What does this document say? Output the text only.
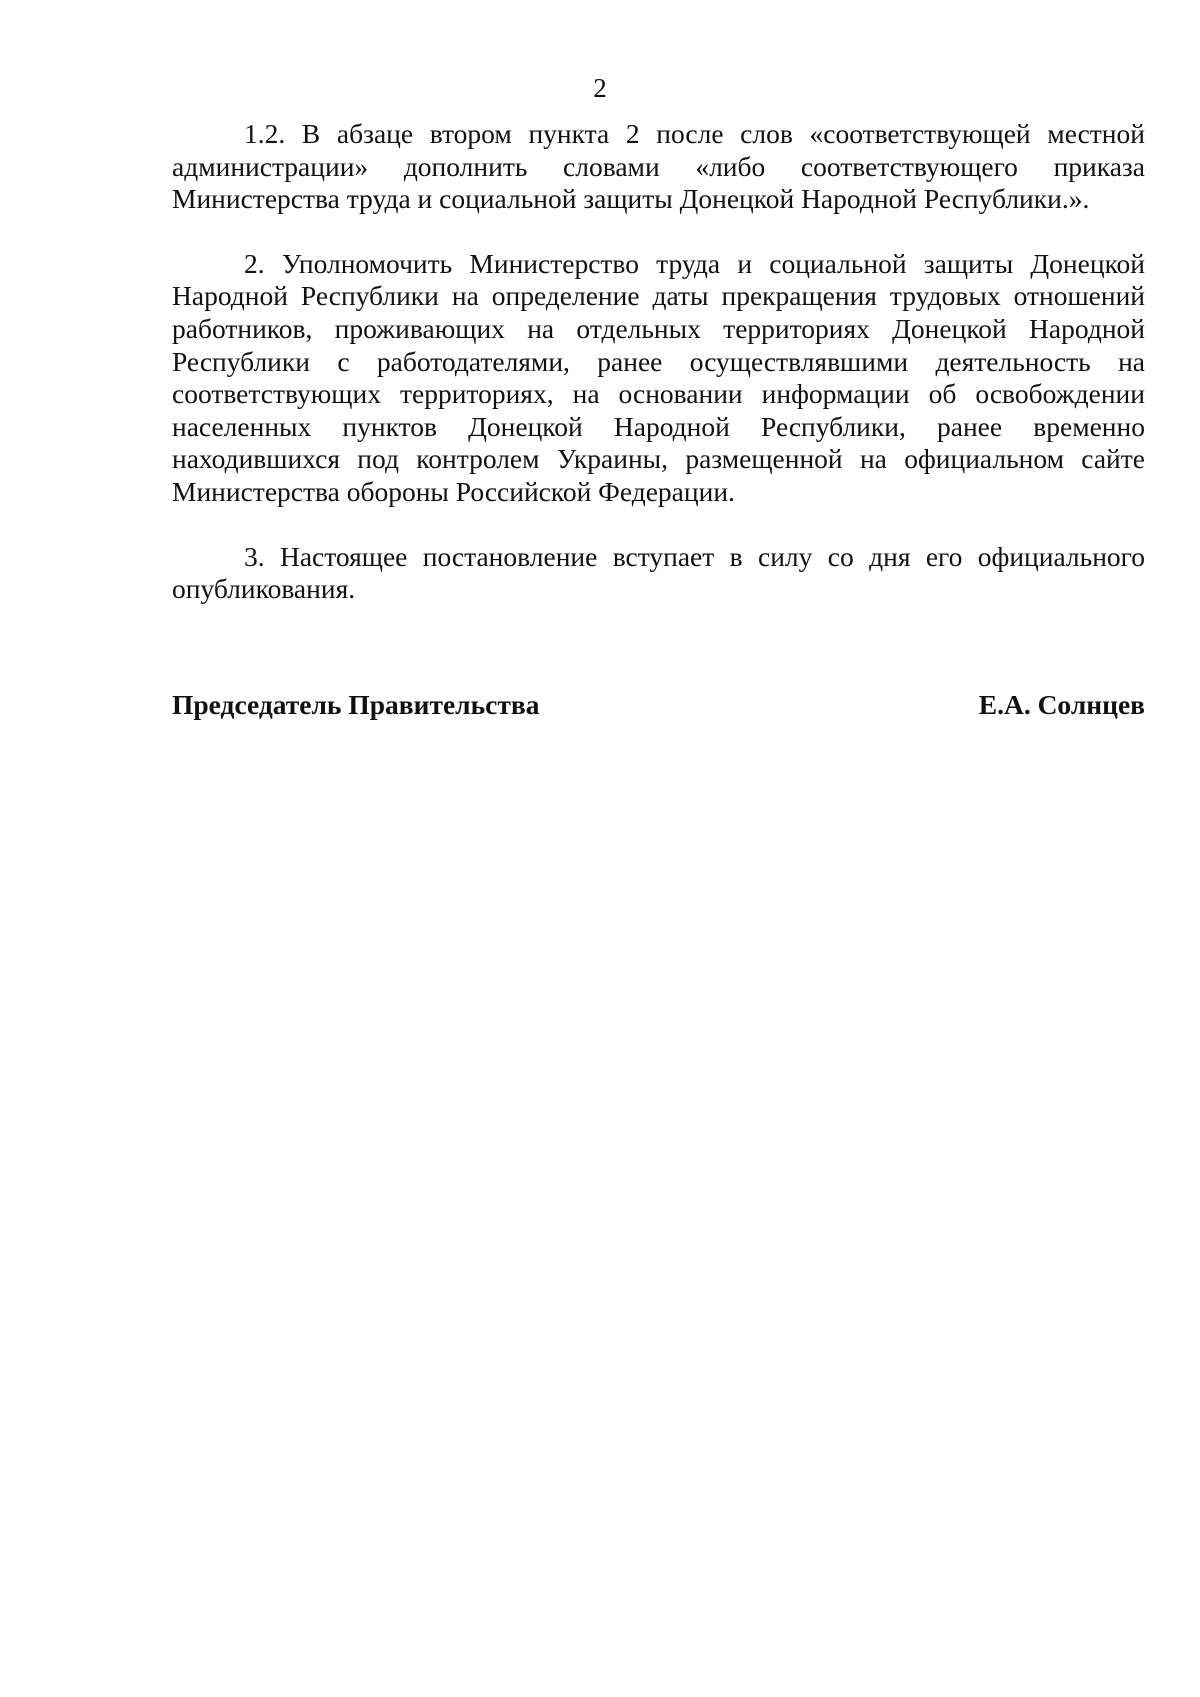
2

1.2. В абзаце втором пункта 2 после слов «соответствующей местной администрации» дополнить словами «либо соответствующего приказа Министерства труда и социальной защиты Донецкой Народной Республики.».

2. Уполномочить Министерство труда и социальной защиты Донецкой Народной Республики на определение даты прекращения трудовых отношений работников, проживающих на отдельных территориях Донецкой Народной Республики с работодателями, ранее осуществлявшими деятельность на соответствующих территориях, на основании информации об освобождении населенных пунктов Донецкой Народной Республики, ранее временно находившихся под контролем Украины, размещенной на официальном сайте Министерства обороны Российской Федерации.

3. Настоящее постановление вступает в силу со дня его официального опубликования.

Председатель Правительства	Е.А. Солнцев
